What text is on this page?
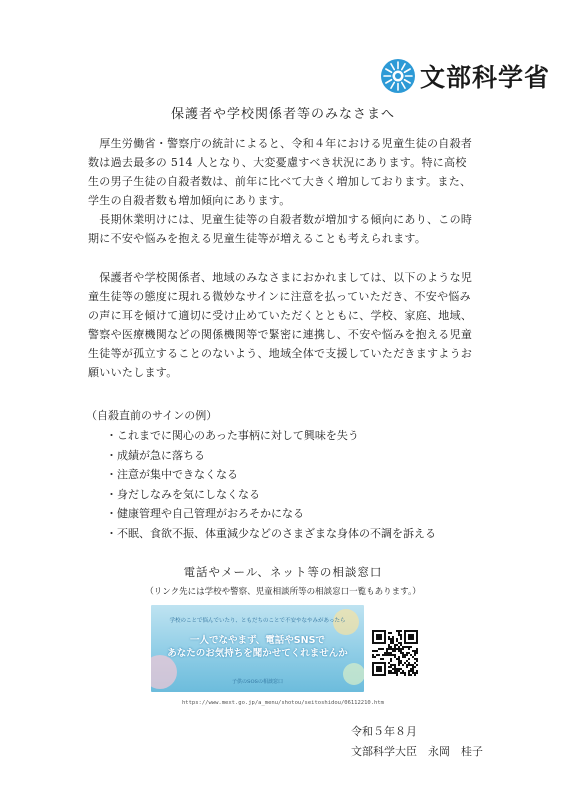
文部科学省
保護者や学校関係者等のみなさまへ
　厚生労働省・警察庁の統計によると、令和４年における児童生徒の自殺者
数は過去最多の 514 人となり、大変憂慮すべき状況にあります。特に高校
生の男子生徒の自殺者数は、前年に比べて大きく増加しております。また、
学生の自殺者数も増加傾向にあります。
　長期休業明けには、児童生徒等の自殺者数が増加する傾向にあり、この時
期に不安や悩みを抱える児童生徒等が増えることも考えられます。
　保護者や学校関係者、地域のみなさまにおかれましては、以下のような児
童生徒等の態度に現れる微妙なサインに注意を払っていただき、不安や悩み
の声に耳を傾けて適切に受け止めていただくとともに、学校、家庭、地域、
警察や医療機関などの関係機関等で緊密に連携し、不安や悩みを抱える児童
生徒等が孤立することのないよう、地域全体で支援していただきますようお
願いいたします。
（自殺直前のサインの例）
・これまでに関心のあった事柄に対して興味を失う
・成績が急に落ちる
・注意が集中できなくなる
・身だしなみを気にしなくなる
・健康管理や自己管理がおろそかになる
・不眠、食欲不振、体重減少などのさまざまな身体の不調を訴える
電話やメール、ネット等の相談窓口
（リンク先には学校や警察、児童相談所等の相談窓口一覧もあります。）
学校のことで悩んでいたり、ともだちのことで不安やなやみがあったら
一人でなやまず、電話やSNSで
あなたのお気持ちを聞かせてくれませんか
子供のSOSの相談窓口
https://www.mext.go.jp/a_menu/shotou/seitoshidou/06112210.htm
令和５年８月
文部科学大臣　永岡　桂子
